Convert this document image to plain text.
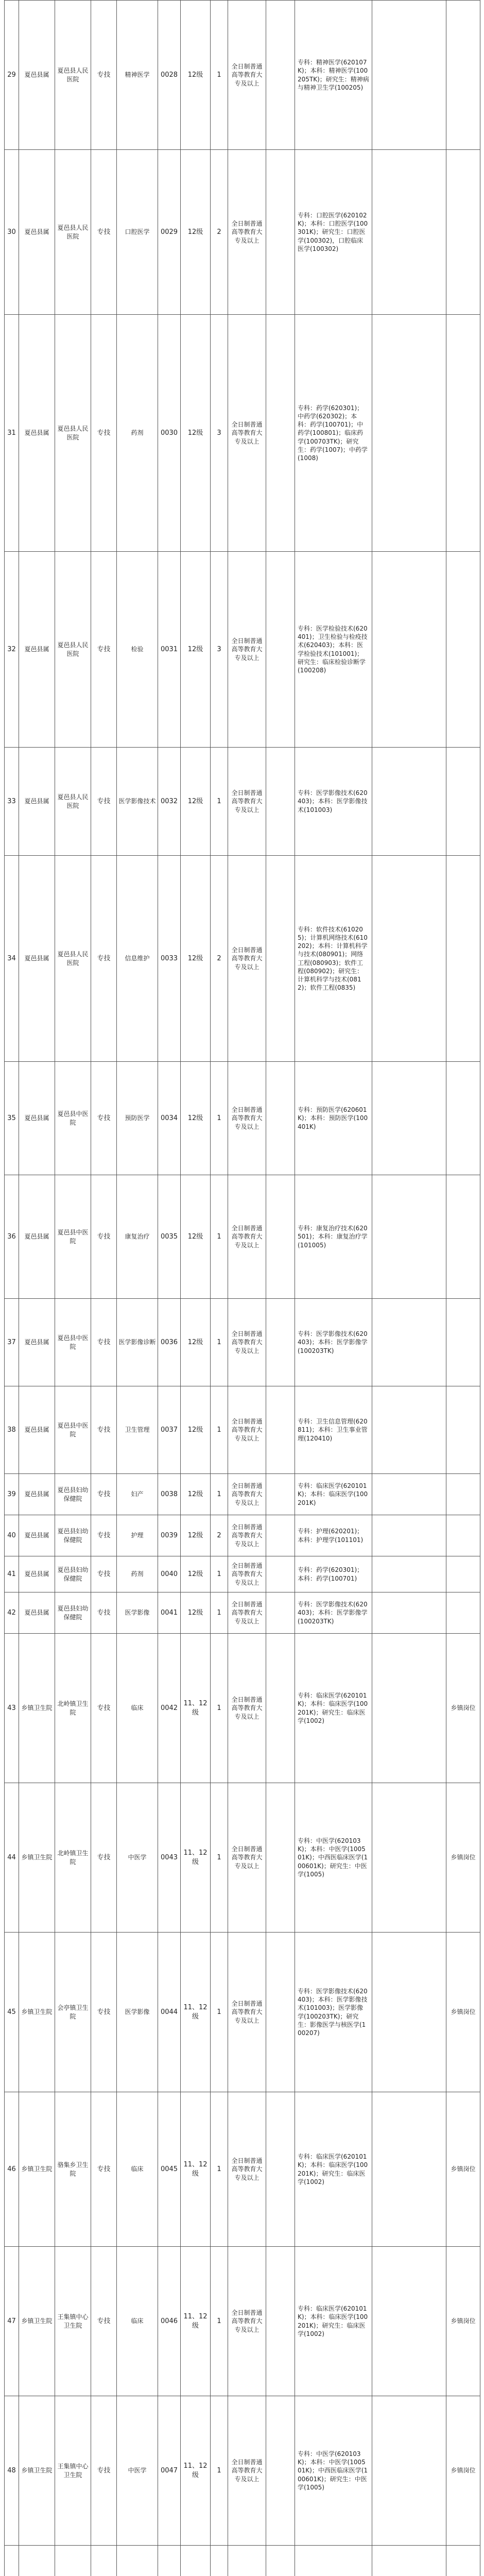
29	夏邑县属	夏邑县人民医院	专技	精神医学	0028	12级	1	全日制普通高等教育大专及以上		专科：精神医学(620107K)；本科：精神医学(100205TK)；研究生：精神病与精神卫生学(100205)		
30	夏邑县属	夏邑县人民医院	专技	口腔医学	0029	12级	2	全日制普通高等教育大专及以上		专科：口腔医学(620102K)；本科：口腔医学(100301K)；研究生：口腔医学(100302)，口腔临床医学(100302)		
31	夏邑县属	夏邑县人民医院	专技	药剂	0030	12级	3	全日制普通高等教育大专及以上		专科：药学(620301)；中药学(620302)；本科：药学(100701)；中药学(100801)；临床药学(100703TK)；研究生：药学(1007)；中药学(1008)		
32	夏邑县属	夏邑县人民医院	专技	检验	0031	12级	3	全日制普通高等教育大专及以上		专科：医学检验技术(620401)；卫生检验与检疫技术(620403)；本科：医学检验技术(101001)；研究生：临床检验诊断学(100208)		
33	夏邑县属	夏邑县人民医院	专技	医学影像技术	0032	12级	1	全日制普通高等教育大专及以上		专科：医学影像技术(620403)；本科：医学影像技术(101003)		
34	夏邑县属	夏邑县人民医院	专技	信息维护	0033	12级	2	全日制普通高等教育大专及以上		专科：软件技术(610205)；计算机网络技术(610202)；本科：计算机科学与技术(080901)；网络工程(080903)；软件工程(080902)；研究生：计算机科学与技术(0812)；软件工程(0835)		
35	夏邑县属	夏邑县中医院	专技	预防医学	0034	12级	1	全日制普通高等教育大专及以上		专科：预防医学(620601K)；本科：预防医学(100401K)		
36	夏邑县属	夏邑县中医院	专技	康复治疗	0035	12级	1	全日制普通高等教育大专及以上		专科：康复治疗技术(620501)；本科：康复治疗学(101005)		
37	夏邑县属	夏邑县中医院	专技	医学影像诊断	0036	12级	1	全日制普通高等教育大专及以上		专科：医学影像技术(620403)；本科：医学影像学(100203TK)		
38	夏邑县属	夏邑县中医院	专技	卫生管理	0037	12级	1	全日制普通高等教育大专及以上		专科：卫生信息管理(620811)；本科：卫生事业管理(120410)		
39	夏邑县属	夏邑县妇幼保健院	专技	妇产	0038	12级	1	全日制普通高等教育大专及以上		专科：临床医学(620101K)；本科：临床医学(100201K)		
40	夏邑县属	夏邑县妇幼保健院	专技	护理	0039	12级	2	全日制普通高等教育大专及以上		专科：护理(620201)；本科：护理学(101101)		
41	夏邑县属	夏邑县妇幼保健院	专技	药剂	0040	12级	1	全日制普通高等教育大专及以上		专科：药学(620301)；本科：药学(100701)		
42	夏邑县属	夏邑县妇幼保健院	专技	医学影像	0041	12级	1	全日制普通高等教育大专及以上		专科：医学影像技术(620403)；本科：医学影像学(100203TK)		
43	乡镇卫生院	北岭镇卫生院	专技	临床	0042	11、12级	1	全日制普通高等教育大专及以上		专科：临床医学(620101K)；本科：临床医学(100201K)；研究生：临床医学(1002)		乡镇岗位
44	乡镇卫生院	北岭镇卫生院	专技	中医学	0043	11、12级	1	全日制普通高等教育大专及以上		专科：中医学(620103K)；本科：中医学(100501K)；中西医临床医学(100601K)；研究生：中医学(1005)		乡镇岗位
45	乡镇卫生院	会亭镇卫生院	专技	医学影像	0044	11、12级	1	全日制普通高等教育大专及以上		专科：医学影像技术(620403)；本科：医学影像技术(101003)；医学影像学(100203TK)；研究生：影像医学与核医学(100207)		乡镇岗位
46	乡镇卫生院	骆集乡卫生院	专技	临床	0045	11、12级	1	全日制普通高等教育大专及以上		专科：临床医学(620101K)；本科：临床医学(100201K)；研究生：临床医学(1002)		乡镇岗位
47	乡镇卫生院	王集镇中心卫生院	专技	临床	0046	11、12级	1	全日制普通高等教育大专及以上		专科：临床医学(620101K)；本科：临床医学(100201K)；研究生：临床医学(1002)		乡镇岗位
48	乡镇卫生院	王集镇中心卫生院	专技	中医学	0047	11、12级	1	全日制普通高等教育大专及以上		专科：中医学(620103K)；本科：中医学(100501K)；中西医临床医学(100601K)；研究生：中医学(1005)		乡镇岗位
